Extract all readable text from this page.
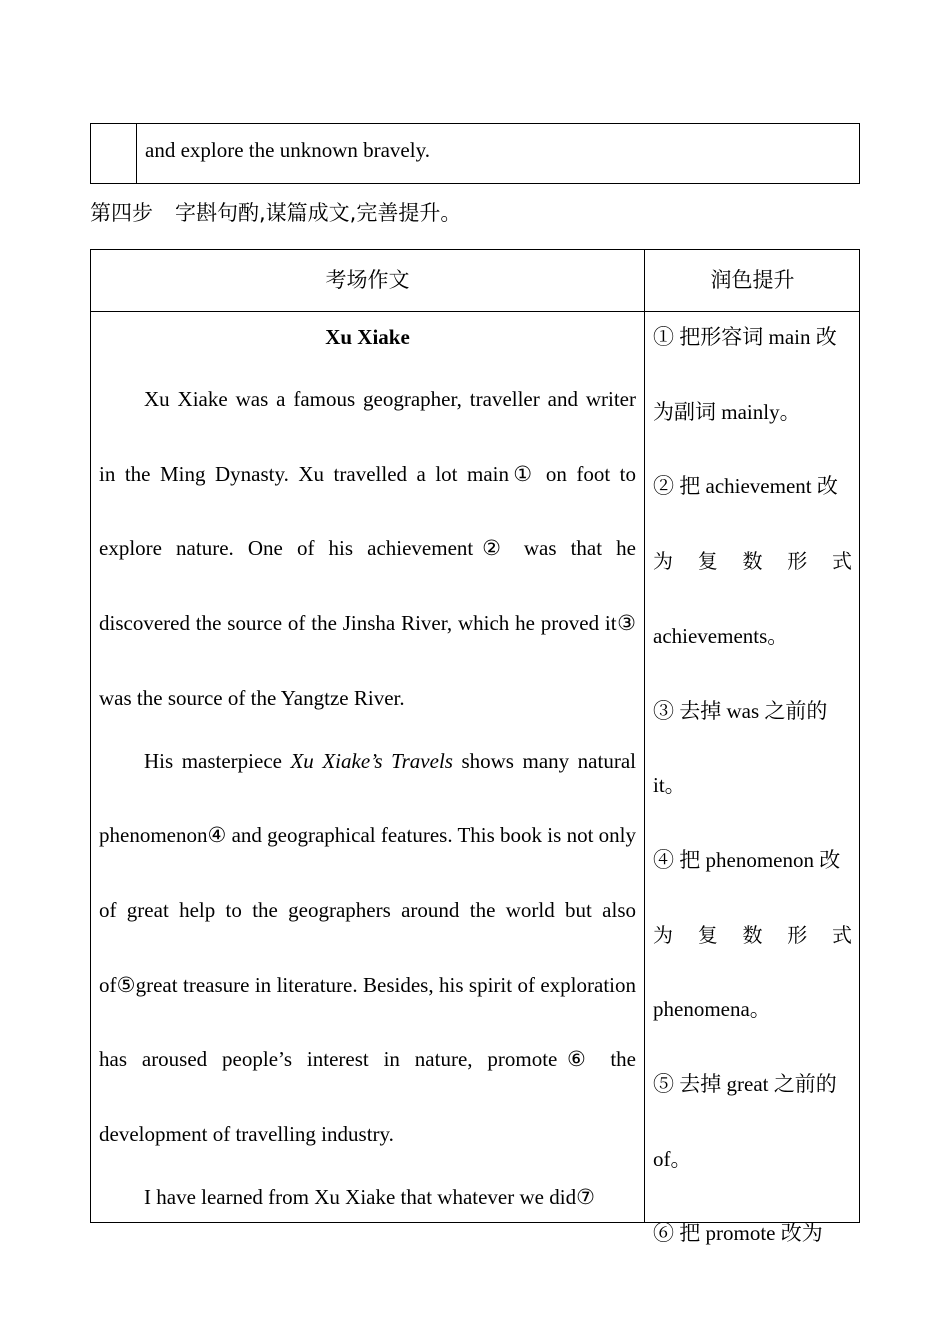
and explore the unknown bravely.
第四步 字斟句酌,谋篇成文,完善提升。
考场作文	润色提升
Xu Xiake

Xu Xiake was a famous geographer, traveller and writer in the Ming Dynasty. Xu travelled a lot main① on foot to explore nature. One of his achievement② was that he discovered the source of the Jinsha River, which he proved it③ was the source of the Yangtze River.

His masterpiece Xu Xiake’s Travels shows many natural phenomenon④ and geographical features. This book is not only of great help to the geographers around the world but also of⑤great treasure in literature. Besides, his spirit of exploration has aroused people’s interest in nature, promote⑥ the development of travelling industry.

I have learned from Xu Xiake that whatever we did⑦

① 把形容词 main 改

为副词 mainly。

② 把 achievement 改

为 复 数 形 式

achievements。

③ 去掉 was 之前的

it。

④ 把 phenomenon 改

为 复 数 形 式

phenomena。

⑤ 去掉 great 之前的

of。

⑥ 把 promote 改为
